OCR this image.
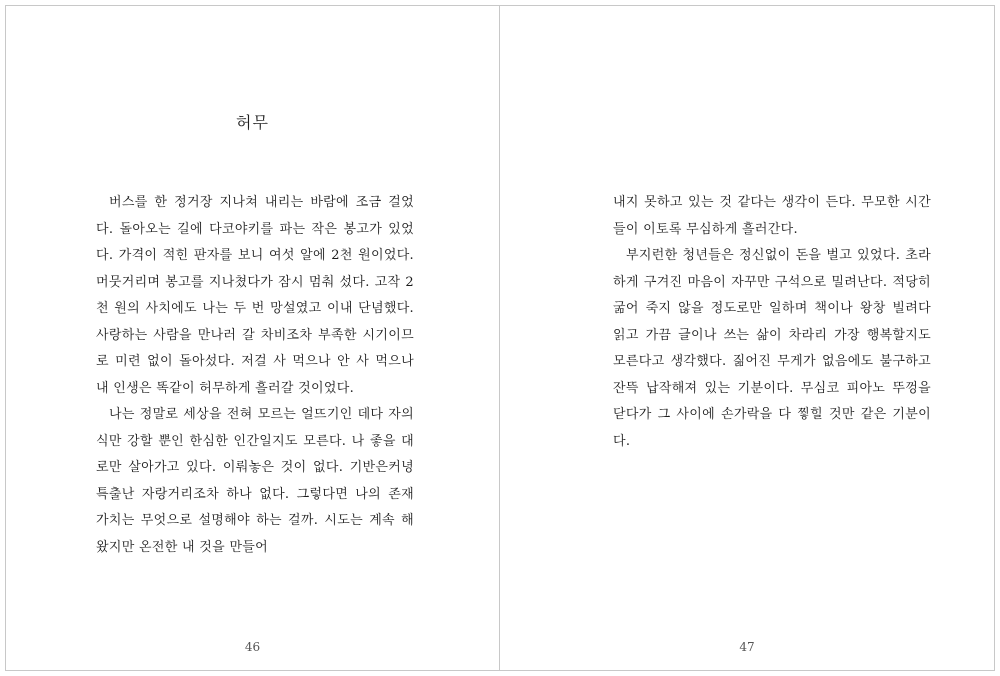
허무

버스를 한 정거장 지나쳐 내리는 바람에 조금 걸었다. 돌아오는 길에 다코야키를 파는 작은 봉고가 있었다. 가격이 적힌 판자를 보니 여섯 알에 2천 원이었다. 머뭇거리며 봉고를 지나쳤다가 잠시 멈춰 섰다. 고작 2천 원의 사치에도 나는 두 번 망설였고 이내 단념했다. 사랑하는 사람을 만나러 갈 차비조차 부족한 시기이므로 미련 없이 돌아섰다. 저걸 사 먹으나 안 사 먹으나 내 인생은 똑같이 허무하게 흘러갈 것이었다.

나는 정말로 세상을 전혀 모르는 얼뜨기인 데다 자의식만 강할 뿐인 한심한 인간일지도 모른다. 나 좋을 대로만 살아가고 있다. 이뤄놓은 것이 없다. 기반은커녕 특출난 자랑거리조차 하나 없다. 그렇다면 나의 존재 가치는 무엇으로 설명해야 하는 걸까. 시도는 계속 해왔지만 온전한 내 것을 만들어

46

내지 못하고 있는 것 같다는 생각이 든다. 무모한 시간들이 이토록 무심하게 흘러간다.

부지런한 청년들은 정신없이 돈을 벌고 있었다. 초라하게 구겨진 마음이 자꾸만 구석으로 밀려난다. 적당히 굶어 죽지 않을 정도로만 일하며 책이나 왕창 빌려다 읽고 가끔 글이나 쓰는 삶이 차라리 가장 행복할지도 모른다고 생각했다. 짊어진 무게가 없음에도 불구하고 잔뜩 납작해져 있는 기분이다. 무심코 피아노 뚜껑을 닫다가 그 사이에 손가락을 다 찧힐 것만 같은 기분이다.

47
